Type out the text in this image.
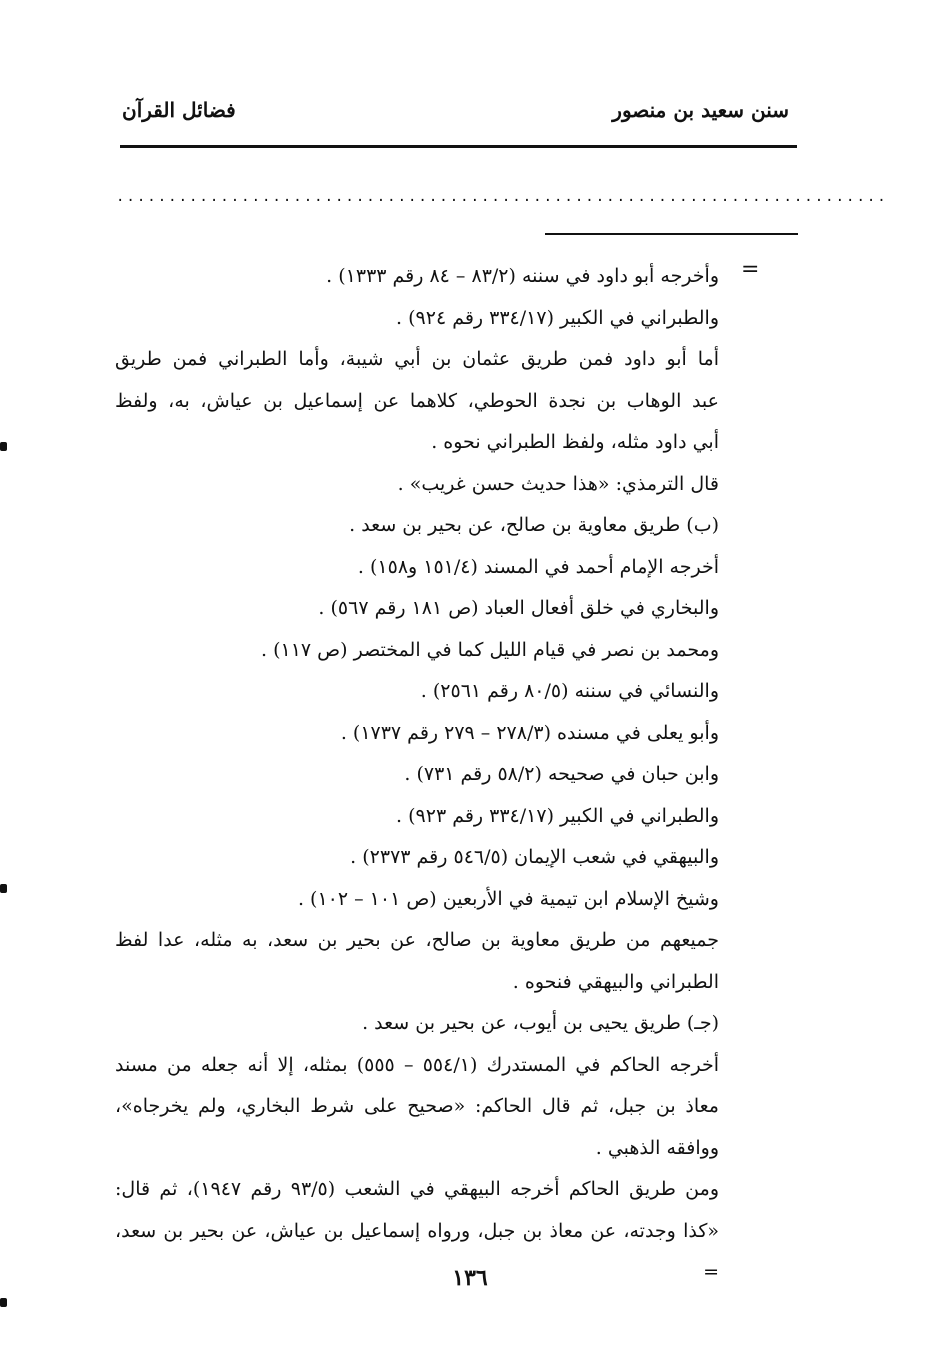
سنن سعيد بن منصور
فضائل القرآن
..........................................................................
=
وأخرجه أبو داود في سننه (٨٣/٢ – ٨٤ رقم ١٣٣٣) .
والطبراني في الكبير (٣٣٤/١٧ رقم ٩٢٤) .
أما أبو داود فمن طريق عثمان بن أبي شيبة، وأما الطبراني فمن طريق
عبد الوهاب بن نجدة الحوطي، كلاهما عن إسماعيل بن عياش، به، ولفظ
أبي داود مثله، ولفظ الطبراني نحوه .
قال الترمذي: «هذا حديث حسن غريب» .
(ب) طريق معاوية بن صالح، عن بحير بن سعد .
أخرجه الإمام أحمد في المسند (١٥١/٤ و١٥٨) .
والبخاري في خلق أفعال العباد (ص ١٨١ رقم ٥٦٧) .
ومحمد بن نصر في قيام الليل كما في المختصر (ص ١١٧) .
والنسائي في سننه (٨٠/٥ رقم ٢٥٦١) .
وأبو يعلى في مسنده (٢٧٨/٣ – ٢٧٩ رقم ١٧٣٧) .
وابن حبان في صحيحه (٥٨/٢ رقم ٧٣١) .
والطبراني في الكبير (٣٣٤/١٧ رقم ٩٢٣) .
والبيهقي في شعب الإيمان (٥٤٦/٥ رقم ٢٣٧٣) .
وشيخ الإسلام ابن تيمية في الأربعين (ص ١٠١ – ١٠٢) .
جميعهم من طريق معاوية بن صالح، عن بحير بن سعد، به مثله، عدا لفظ
الطبراني والبيهقي فنحوه .
(جـ) طريق يحيى بن أيوب، عن بحير بن سعد .
أخرجه الحاكم في المستدرك (٥٥٤/١ – ٥٥٥) بمثله، إلا أنه جعله من مسند
معاذ بن جبل، ثم قال الحاكم: «صحيح على شرط البخاري، ولم يخرجاه»،
ووافقه الذهبي .
ومن طريق الحاكم أخرجه البيهقي في الشعب (٩٣/٥ رقم ١٩٤٧)، ثم قال:
«كذا وجدته، عن معاذ بن جبل، ورواه إسماعيل بن عياش، عن بحير بن سعد، =
١٣٦
